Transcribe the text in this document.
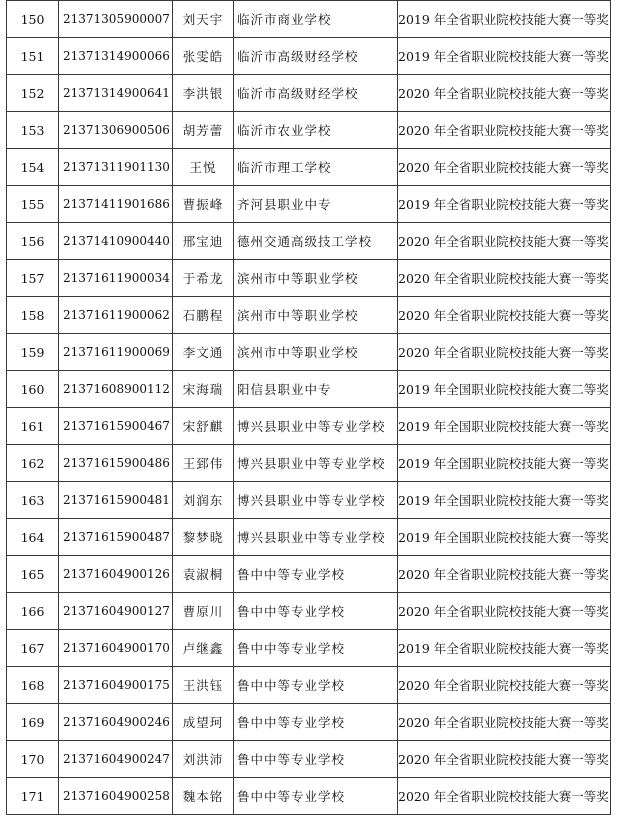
150	21371305900007	刘天宇	临沂市商业学校	2019 年全省职业院校技能大赛一等奖
151	21371314900066	张雯皓	临沂市高级财经学校	2019 年全省职业院校技能大赛一等奖
152	21371314900641	李洪银	临沂市高级财经学校	2020 年全省职业院校技能大赛一等奖
153	21371306900506	胡芳蕾	临沂市农业学校	2020 年全省职业院校技能大赛一等奖
154	21371311901130	王悦	临沂市理工学校	2020 年全省职业院校技能大赛一等奖
155	21371411901686	曹振峰	齐河县职业中专	2019 年全省职业院校技能大赛一等奖
156	21371410900440	邢宝迪	德州交通高级技工学校	2020 年全省职业院校技能大赛一等奖
157	21371611900034	于希龙	滨州市中等职业学校	2020 年全省职业院校技能大赛一等奖
158	21371611900062	石鹏程	滨州市中等职业学校	2020 年全省职业院校技能大赛一等奖
159	21371611900069	李文通	滨州市中等职业学校	2020 年全省职业院校技能大赛一等奖
160	21371608900112	宋海瑞	阳信县职业中专	2019 年全国职业院校技能大赛二等奖
161	21371615900467	宋舒麒	博兴县职业中等专业学校	2019 年全国职业院校技能大赛一等奖
162	21371615900486	王郅伟	博兴县职业中等专业学校	2019 年全国职业院校技能大赛一等奖
163	21371615900481	刘润东	博兴县职业中等专业学校	2019 年全国职业院校技能大赛一等奖
164	21371615900487	黎梦晓	博兴县职业中等专业学校	2019 年全国职业院校技能大赛一等奖
165	21371604900126	袁淑桐	鲁中中等专业学校	2020 年全省职业院校技能大赛一等奖
166	21371604900127	曹原川	鲁中中等专业学校	2020 年全省职业院校技能大赛一等奖
167	21371604900170	卢继鑫	鲁中中等专业学校	2019 年全省职业院校技能大赛一等奖
168	21371604900175	王洪钰	鲁中中等专业学校	2020 年全省职业院校技能大赛一等奖
169	21371604900246	成望珂	鲁中中等专业学校	2020 年全省职业院校技能大赛一等奖
170	21371604900247	刘洪沛	鲁中中等专业学校	2020 年全省职业院校技能大赛一等奖
171	21371604900258	魏本铭	鲁中中等专业学校	2020 年全省职业院校技能大赛一等奖
